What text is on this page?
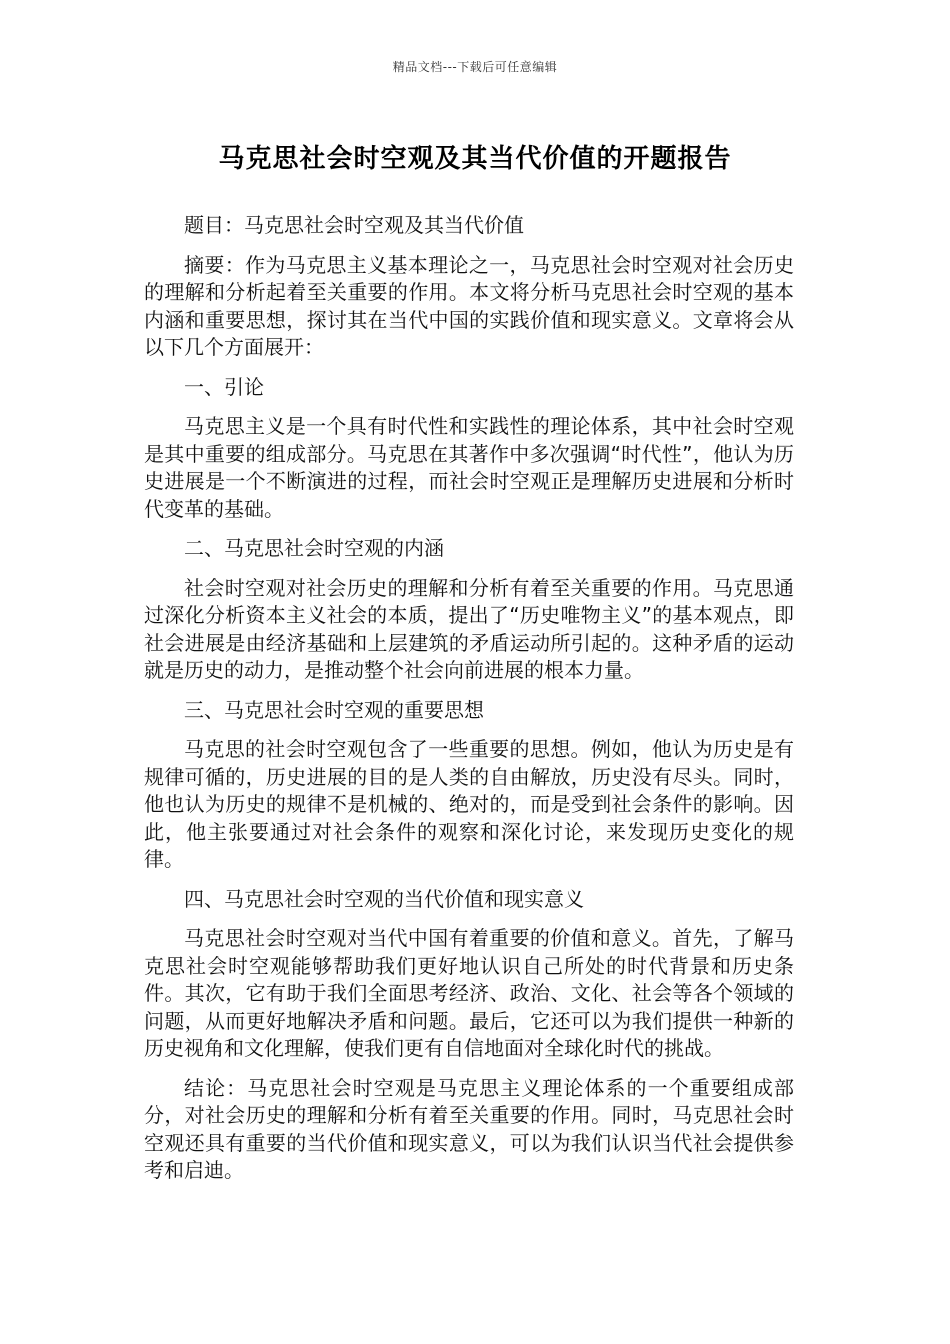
精品文档---下载后可任意编辑
马克思社会时空观及其当代价值的开题报告

题目：马克思社会时空观及其当代价值

摘要：作为马克思主义基本理论之一，马克思社会时空观对社会历史的理解和分析起着至关重要的作用。本文将分析马克思社会时空观的基本内涵和重要思想，探讨其在当代中国的实践价值和现实意义。文章将会从以下几个方面展开：

一、引论

马克思主义是一个具有时代性和实践性的理论体系，其中社会时空观是其中重要的组成部分。马克思在其著作中多次强调“时代性”，他认为历史进展是一个不断演进的过程，而社会时空观正是理解历史进展和分析时代变革的基础。

二、马克思社会时空观的内涵

社会时空观对社会历史的理解和分析有着至关重要的作用。马克思通过深化分析资本主义社会的本质，提出了“历史唯物主义”的基本观点，即社会进展是由经济基础和上层建筑的矛盾运动所引起的。这种矛盾的运动就是历史的动力，是推动整个社会向前进展的根本力量。

三、马克思社会时空观的重要思想

马克思的社会时空观包含了一些重要的思想。例如，他认为历史是有规律可循的，历史进展的目的是人类的自由解放，历史没有尽头。同时，他也认为历史的规律不是机械的、绝对的，而是受到社会条件的影响。因此，他主张要通过对社会条件的观察和深化讨论，来发现历史变化的规律。

四、马克思社会时空观的当代价值和现实意义

马克思社会时空观对当代中国有着重要的价值和意义。首先，了解马克思社会时空观能够帮助我们更好地认识自己所处的时代背景和历史条件。其次，它有助于我们全面思考经济、政治、文化、社会等各个领域的问题，从而更好地解决矛盾和问题。最后，它还可以为我们提供一种新的历史视角和文化理解，使我们更有自信地面对全球化时代的挑战。

结论：马克思社会时空观是马克思主义理论体系的一个重要组成部分，对社会历史的理解和分析有着至关重要的作用。同时，马克思社会时空观还具有重要的当代价值和现实意义，可以为我们认识当代社会提供参考和启迪。
